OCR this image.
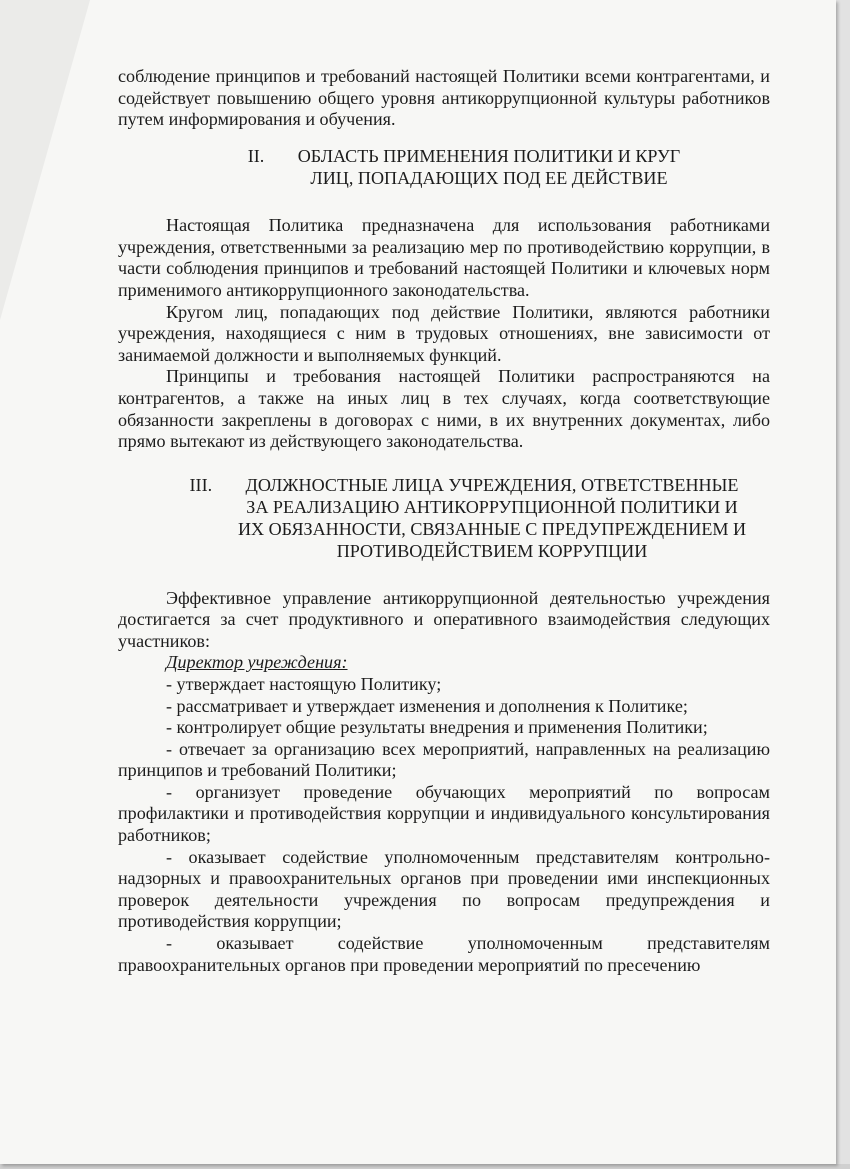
соблюдение принципов и требований настоящей Политики всеми контрагентами, и содействует повышению общего уровня антикоррупционной культуры работников путем информирования и обучения.

II. ОБЛАСТЬ ПРИМЕНЕНИЯ ПОЛИТИКИ И КРУГ
ЛИЦ, ПОПАДАЮЩИХ ПОД ЕЕ ДЕЙСТВИЕ

Настоящая Политика предназначена для использования работниками учреждения, ответственными за реализацию мер по противодействию коррупции, в части соблюдения принципов и требований настоящей Политики и ключевых норм применимого антикоррупционного законодательства.

Кругом лиц, попадающих под действие Политики, являются работники учреждения, находящиеся с ним в трудовых отношениях, вне зависимости от занимаемой должности и выполняемых функций.

Принципы и требования настоящей Политики распространяются на контрагентов, а также на иных лиц в тех случаях, когда соответствующие обязанности закреплены в договорах с ними, в их внутренних документах, либо прямо вытекают из действующего законодательства.

III. ДОЛЖНОСТНЫЕ ЛИЦА УЧРЕЖДЕНИЯ, ОТВЕТСТВЕННЫЕ
ЗА РЕАЛИЗАЦИЮ АНТИКОРРУПЦИОННОЙ ПОЛИТИКИ И
ИХ ОБЯЗАННОСТИ, СВЯЗАННЫЕ С ПРЕДУПРЕЖДЕНИЕМ И
ПРОТИВОДЕЙСТВИЕМ КОРРУПЦИИ

Эффективное управление антикоррупционной деятельностью учреждения достигается за счет продуктивного и оперативного взаимодействия следующих участников:

Директор учреждения:

- утверждает настоящую Политику;

- рассматривает и утверждает изменения и дополнения к Политике;

- контролирует общие результаты внедрения и применения Политики;

- отвечает за организацию всех мероприятий, направленных на реализацию принципов и требований Политики;

- организует проведение обучающих мероприятий по вопросам профилактики и противодействия коррупции и индивидуального консультирования работников;

- оказывает содействие уполномоченным представителям контрольно-надзорных и правоохранительных органов при проведении ими инспекционных проверок деятельности учреждения по вопросам предупреждения и противодействия коррупции;

- оказывает содействие уполномоченным представителям правоохранительных органов при проведении мероприятий по пресечению
